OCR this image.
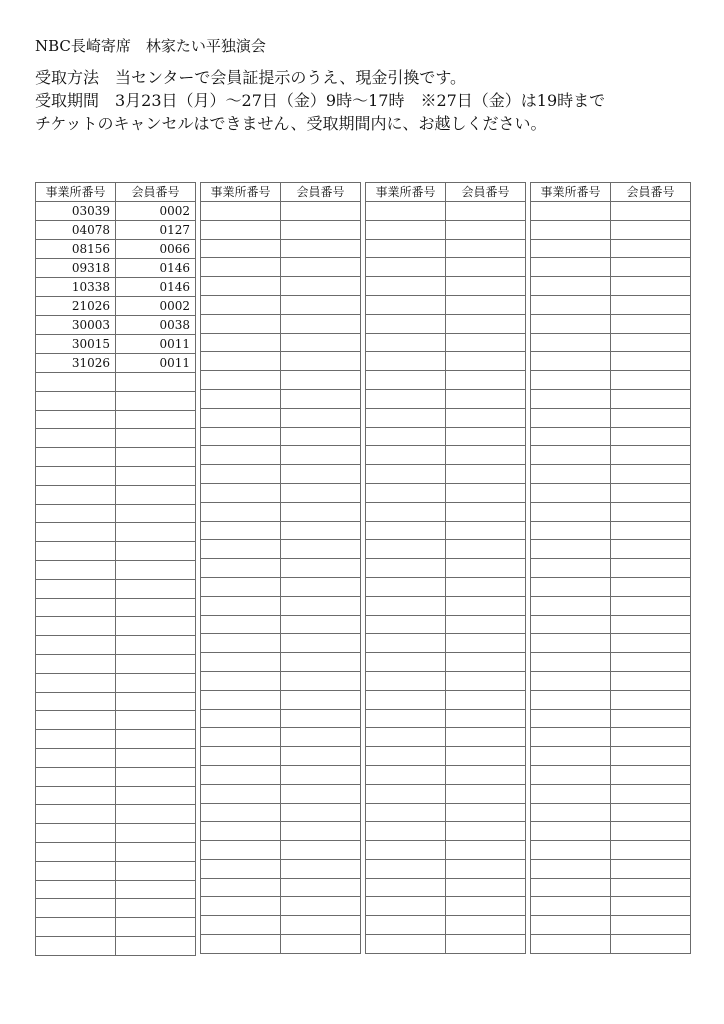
NBC長崎寄席　林家たい平独演会
受取方法　当センターで会員証提示のうえ、現金引換です。
受取期間　3月23日（月）～27日（金）9時～17時　※27日（金）は19時まで
チケットのキャンセルはできません、受取期間内に、お越しください。
事業所番号	会員番号
03039	0002
04078	0127
08156	0066
09318	0146
10338	0146
21026	0002
30003	0038
30015	0011
31026	0011

事業所番号	会員番号

		事業所番号	会員番号

		事業所番号	会員番号
